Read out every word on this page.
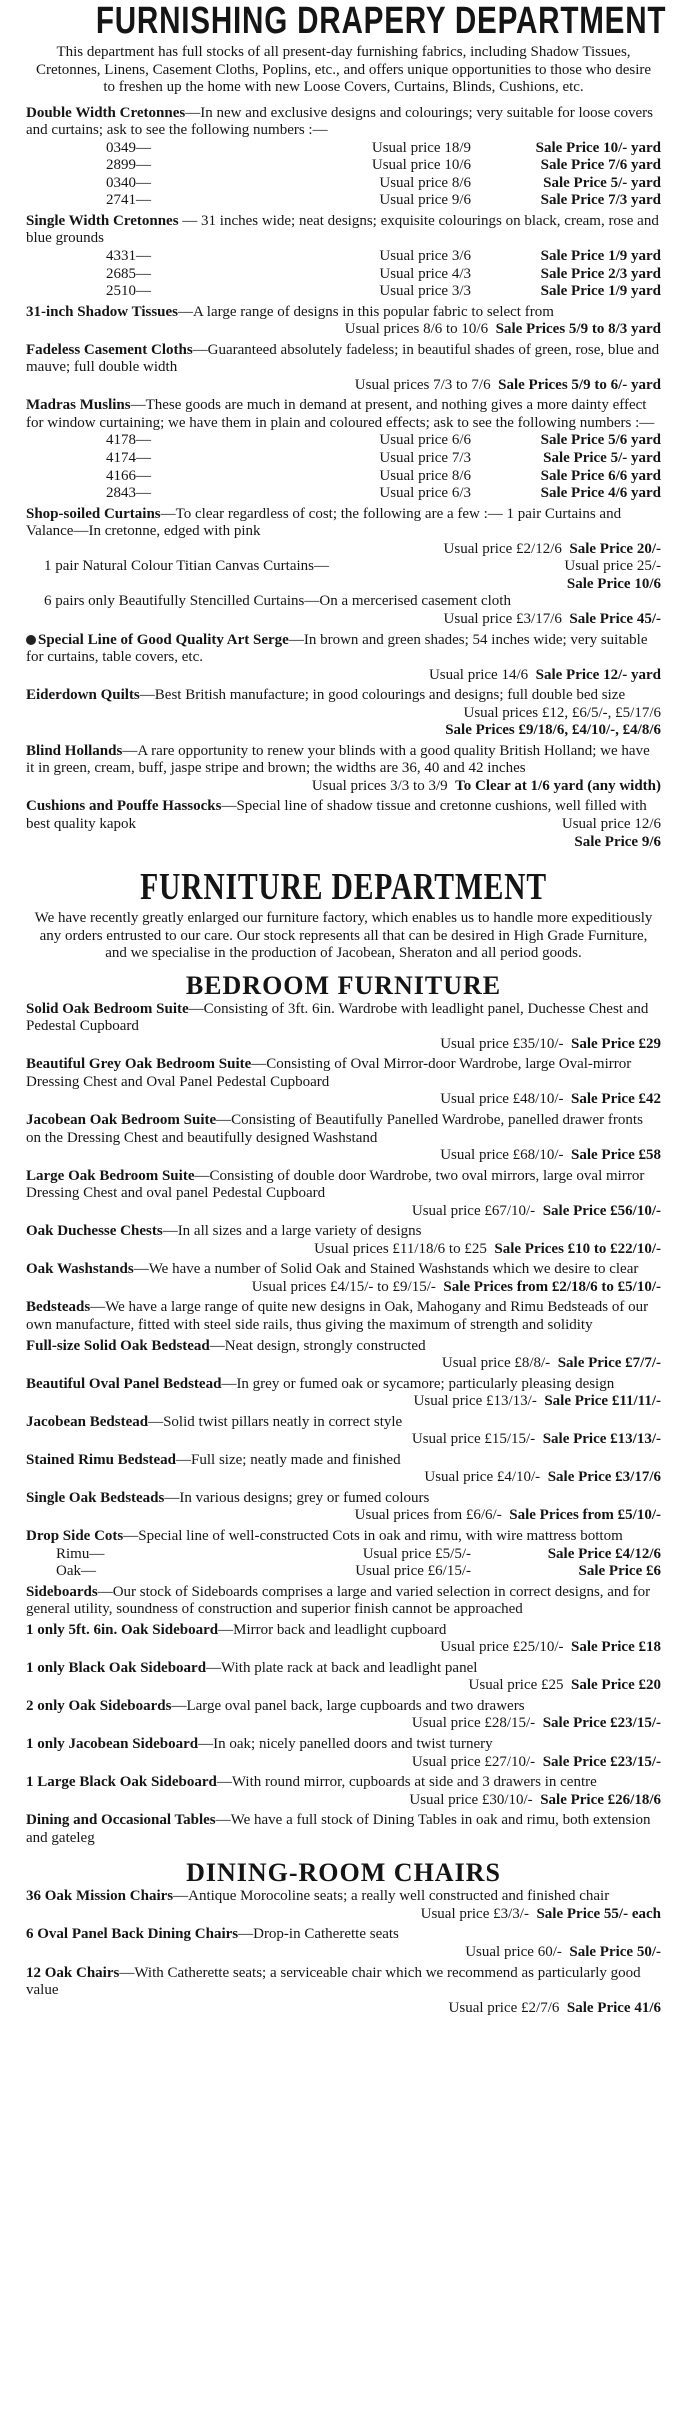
FURNISHING DRAPERY DEPARTMENT

This department has full stocks of all present-day furnishing fabrics, including Shadow Tissues, Cretonnes, Linens, Casement Cloths, Poplins, etc., and offers unique opportunities to those who desire to freshen up the home with new Loose Covers, Curtains, Blinds, Cushions, etc.

Double Width Cretonnes—In new and exclusive designs and colourings; very suitable for loose covers and curtains; ask to see the following numbers :—
0349—	Usual price 18/9	Sale Price 10/- yard
2899—	Usual price 10/6	Sale Price 7/6 yard
0340—	Usual price 8/6	Sale Price 5/- yard
2741—	Usual price 9/6	Sale Price 7/3 yard
Single Width Cretonnes — 31 inches wide; neat designs; exquisite colourings on black, cream, rose and blue grounds
4331—	Usual price 3/6	Sale Price 1/9 yard
2685—	Usual price 4/3	Sale Price 2/3 yard
2510—	Usual price 3/3	Sale Price 1/9 yard
31-inch Shadow Tissues—A large range of designs in this popular fabric to select from
Usual prices 8/6 to 10/6 Sale Prices 5/9 to 8/3 yard
Fadeless Casement Cloths—Guaranteed absolutely fadeless; in beautiful shades of green, rose, blue and mauve; full double width
Usual prices 7/3 to 7/6 Sale Prices 5/9 to 6/- yard
Madras Muslins—These goods are much in demand at present, and nothing gives a more dainty effect for window curtaining; we have them in plain and coloured effects; ask to see the following numbers :—
4178—	Usual price 6/6	Sale Price 5/6 yard
4174—	Usual price 7/3	Sale Price 5/- yard
4166—	Usual price 8/6	Sale Price 6/6 yard
2843—	Usual price 6/3	Sale Price 4/6 yard
Shop-soiled Curtains—To clear regardless of cost; the following are a few :— 1 pair Curtains and Valance—In cretonne, edged with pink
Usual price £2/12/6 Sale Price 20/-
1 pair Natural Colour Titian Canvas Curtains—	Usual price 25/-
Sale Price 10/6
6 pairs only Beautifully Stencilled Curtains—On a mercerised casement cloth
Usual price £3/17/6 Sale Price 45/-
Special Line of Good Quality Art Serge—In brown and green shades; 54 inches wide; very suitable for curtains, table covers, etc.
Usual price 14/6 Sale Price 12/- yard
Eiderdown Quilts—Best British manufacture; in good colourings and designs; full double bed size
Usual prices £12, £6/5/-, £5/17/6
Sale Prices £9/18/6, £4/10/-, £4/8/6
Blind Hollands—A rare opportunity to renew your blinds with a good quality British Holland; we have it in green, cream, buff, jaspe stripe and brown; the widths are 36, 40 and 42 inches
Usual prices 3/3 to 3/9 To Clear at 1/6 yard (any width)
Cushions and Pouffe Hassocks—Special line of shadow tissue and cretonne cushions, well filled with best quality kapok	Usual price 12/6
Sale Price 9/6
FURNITURE DEPARTMENT

We have recently greatly enlarged our furniture factory, which enables us to handle more expeditiously any orders entrusted to our care. Our stock represents all that can be desired in High Grade Furniture, and we specialise in the production of Jacobean, Sheraton and all period goods.

BEDROOM FURNITURE
Solid Oak Bedroom Suite—Consisting of 3ft. 6in. Wardrobe with leadlight panel, Duchesse Chest and Pedestal Cupboard
Usual price £35/10/- Sale Price £29
Beautiful Grey Oak Bedroom Suite—Consisting of Oval Mirror-door Wardrobe, large Oval-mirror Dressing Chest and Oval Panel Pedestal Cupboard
Usual price £48/10/- Sale Price £42
Jacobean Oak Bedroom Suite—Consisting of Beautifully Panelled Wardrobe, panelled drawer fronts on the Dressing Chest and beautifully designed Washstand
Usual price £68/10/- Sale Price £58
Large Oak Bedroom Suite—Consisting of double door Wardrobe, two oval mirrors, large oval mirror Dressing Chest and oval panel Pedestal Cupboard
Usual price £67/10/- Sale Price £56/10/-
Oak Duchesse Chests—In all sizes and a large variety of designs
Usual prices £11/18/6 to £25 Sale Prices £10 to £22/10/-
Oak Washstands—We have a number of Solid Oak and Stained Washstands which we desire to clear
Usual prices £4/15/- to £9/15/- Sale Prices from £2/18/6 to £5/10/-
Bedsteads—We have a large range of quite new designs in Oak, Mahogany and Rimu Bedsteads of our own manufacture, fitted with steel side rails, thus giving the maximum of strength and solidity
Full-size Solid Oak Bedstead—Neat design, strongly constructed
Usual price £8/8/- Sale Price £7/7/-
Beautiful Oval Panel Bedstead—In grey or fumed oak or sycamore; particularly pleasing design
Usual price £13/13/- Sale Price £11/11/-
Jacobean Bedstead—Solid twist pillars neatly in correct style
Usual price £15/15/- Sale Price £13/13/-
Stained Rimu Bedstead—Full size; neatly made and finished
Usual price £4/10/- Sale Price £3/17/6
Single Oak Bedsteads—In various designs; grey or fumed colours
Usual prices from £6/6/- Sale Prices from £5/10/-
Drop Side Cots—Special line of well-constructed Cots in oak and rimu, with wire mattress bottom
Rimu—	Usual price £5/5/-	Sale Price £4/12/6
Oak—	Usual price £6/15/-	Sale Price £6
Sideboards—Our stock of Sideboards comprises a large and varied selection in correct designs, and for general utility, soundness of construction and superior finish cannot be approached
1 only 5ft. 6in. Oak Sideboard—Mirror back and leadlight cupboard
Usual price £25/10/- Sale Price £18
1 only Black Oak Sideboard—With plate rack at back and leadlight panel
Usual price £25 Sale Price £20
2 only Oak Sideboards—Large oval panel back, large cupboards and two drawers
Usual price £28/15/- Sale Price £23/15/-
1 only Jacobean Sideboard—In oak; nicely panelled doors and twist turnery
Usual price £27/10/- Sale Price £23/15/-
1 Large Black Oak Sideboard—With round mirror, cupboards at side and 3 drawers in centre
Usual price £30/10/- Sale Price £26/18/6
Dining and Occasional Tables—We have a full stock of Dining Tables in oak and rimu, both extension and gateleg
DINING-ROOM CHAIRS
36 Oak Mission Chairs—Antique Morocoline seats; a really well constructed and finished chair
Usual price £3/3/- Sale Price 55/- each
6 Oval Panel Back Dining Chairs—Drop-in Catherette seats
Usual price 60/- Sale Price 50/-
12 Oak Chairs—With Catherette seats; a serviceable chair which we recommend as particularly good value
Usual price £2/7/6 Sale Price 41/6
